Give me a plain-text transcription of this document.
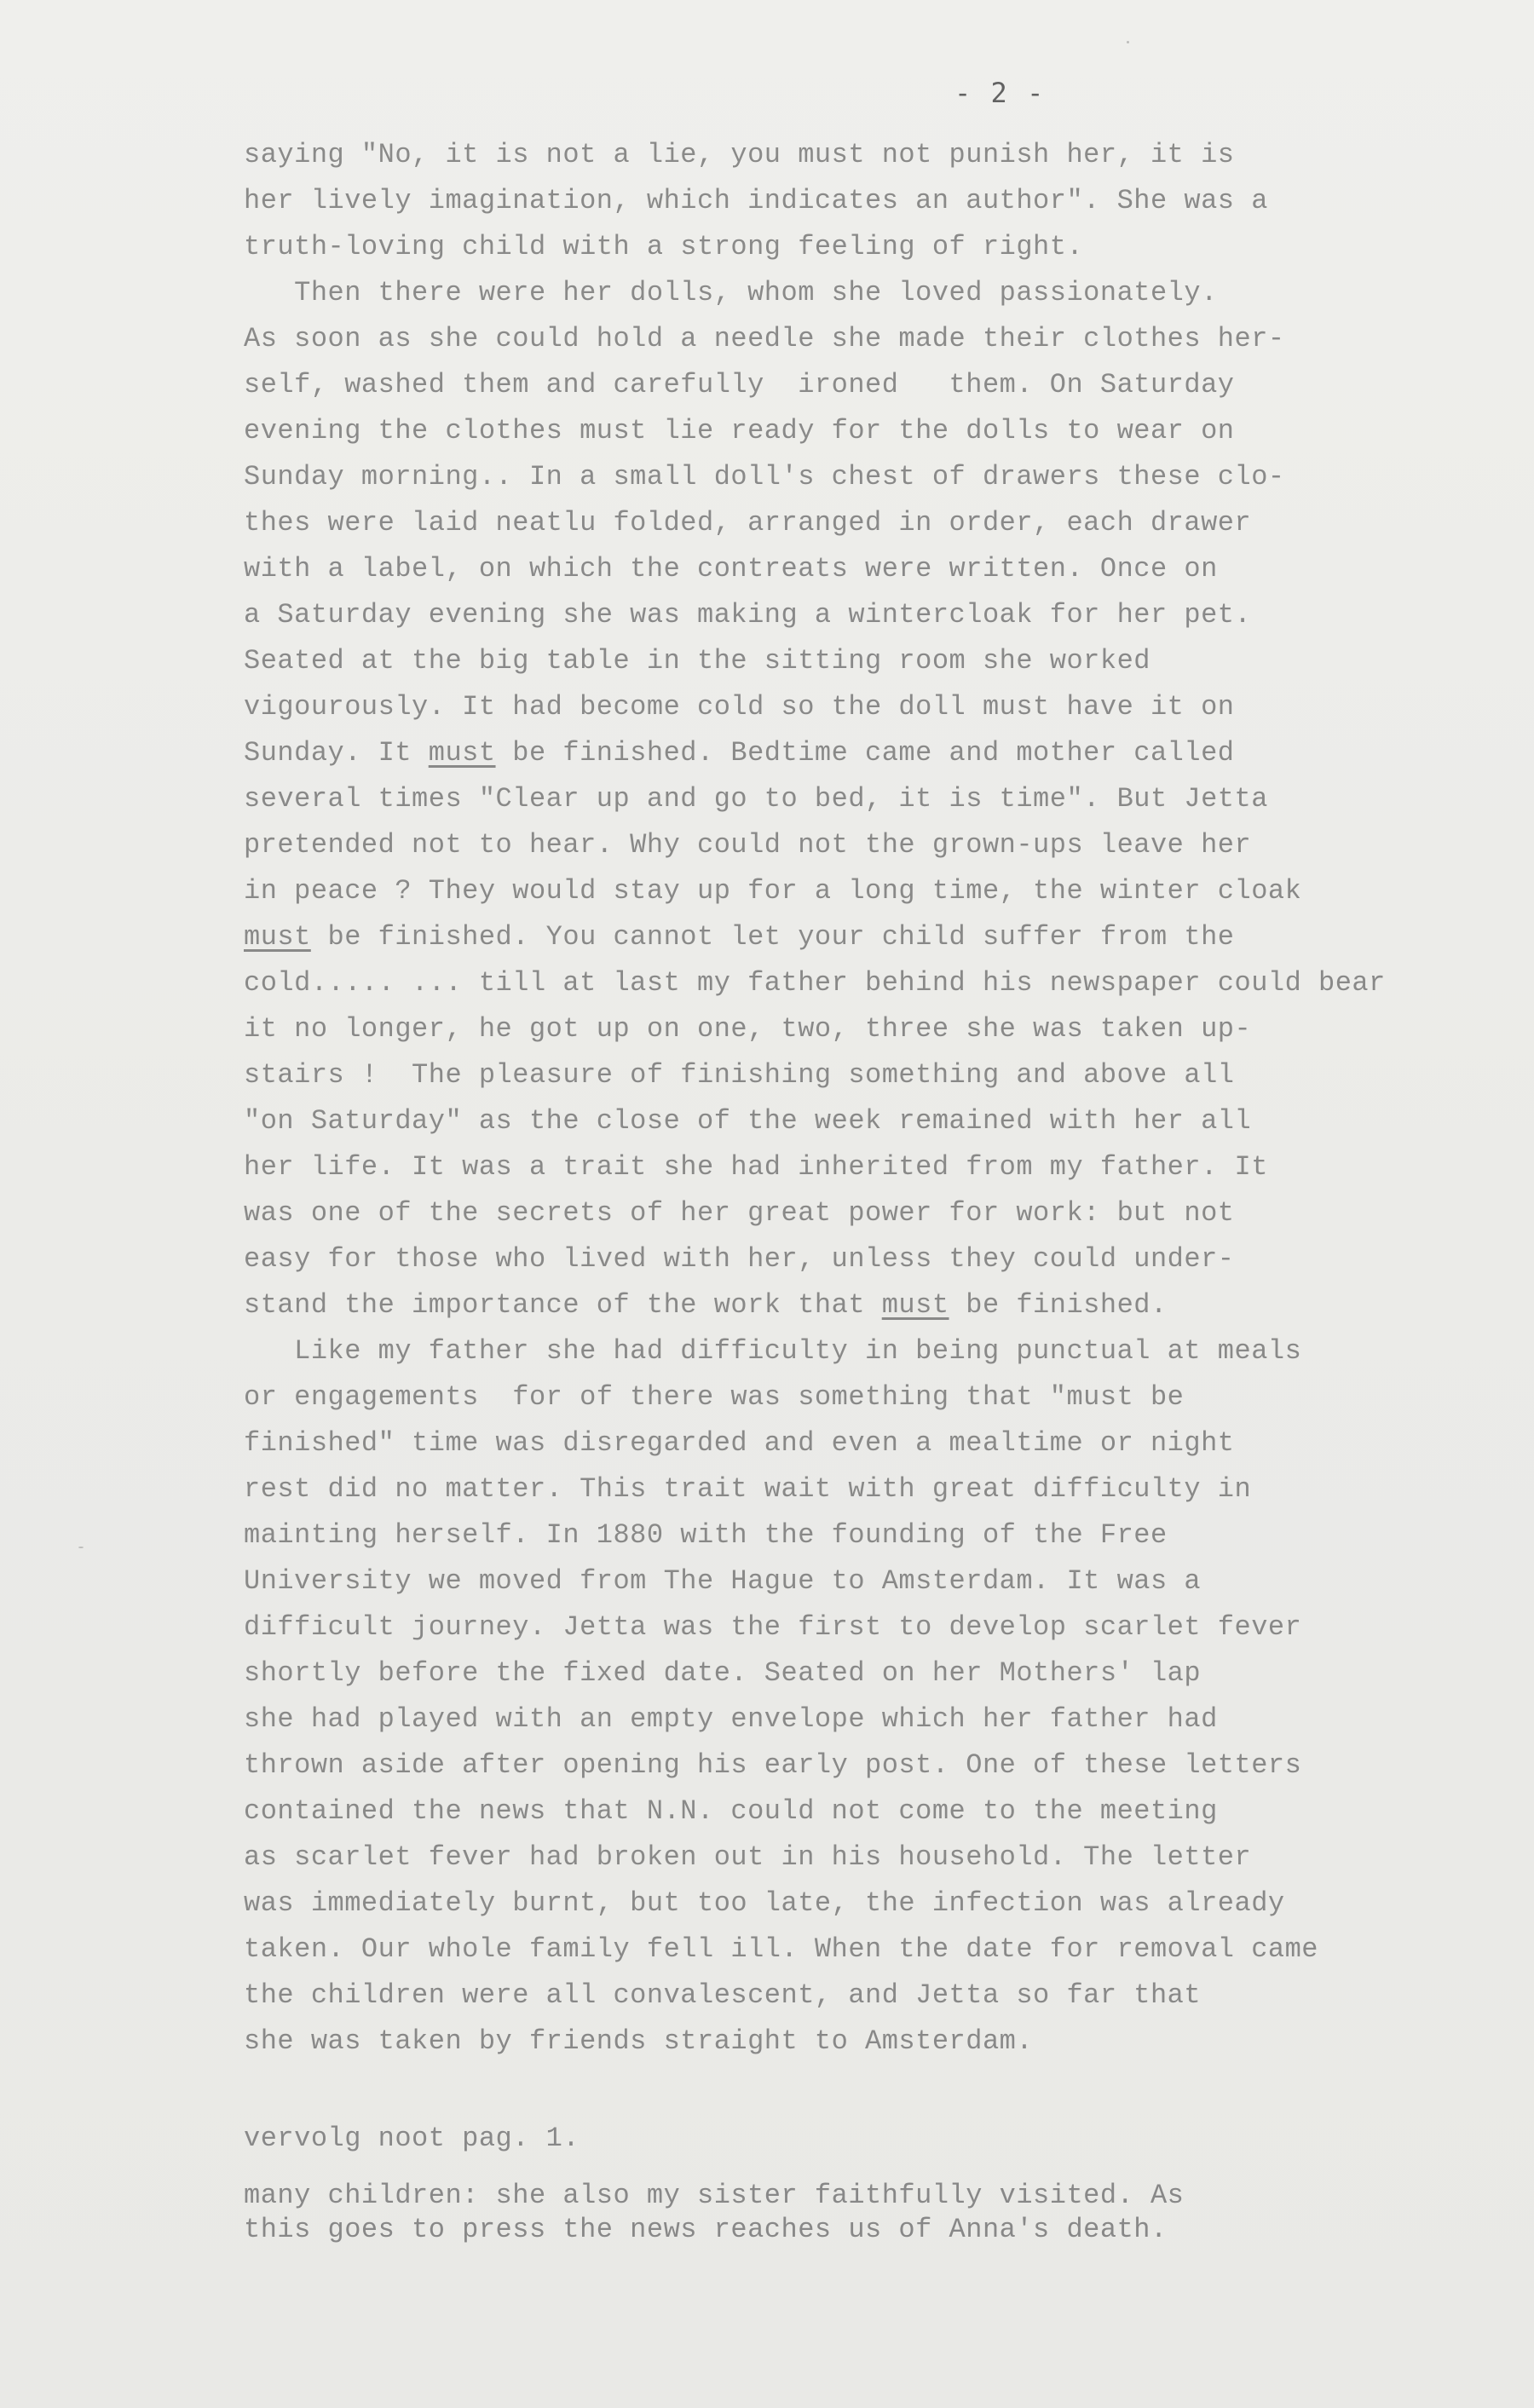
- 2 -
saying "No, it is not a lie, you must not punish her, it is
her lively imagination, which indicates an author". She was a
truth-loving child with a strong feeling of right.
Then there were her dolls, whom she loved passionately.
As soon as she could hold a needle she made their clothes her-
self, washed them and carefully  ironed   them. On Saturday
evening the clothes must lie ready for the dolls to wear on
Sunday morning.. In a small doll's chest of drawers these clo-
thes were laid neatlu folded, arranged in order, each drawer
with a label, on which the contreats were written. Once on
a Saturday evening she was making a wintercloak for her pet.
Seated at the big table in the sitting room she worked
vigourously. It had become cold so the doll must have it on
Sunday. It must be finished. Bedtime came and mother called
several times "Clear up and go to bed, it is time". But Jetta
pretended not to hear. Why could not the grown-ups leave her
in peace ? They would stay up for a long time, the winter cloak
must be finished. You cannot let your child suffer from the
cold..... ... till at last my father behind his newspaper could bear
it no longer, he got up on one, two, three she was taken up-
stairs !  The pleasure of finishing something and above all
"on Saturday" as the close of the week remained with her all
her life. It was a trait she had inherited from my father. It
was one of the secrets of her great power for work: but not
easy for those who lived with her, unless they could under-
stand the importance of the work that must be finished.
Like my father she had difficulty in being punctual at meals
or engagements  for of there was something that "must be
finished" time was disregarded and even a mealtime or night
rest did no matter. This trait wait with great difficulty in
mainting herself. In 1880 with the founding of the Free
University we moved from The Hague to Amsterdam. It was a
difficult journey. Jetta was the first to develop scarlet fever
shortly before the fixed date. Seated on her Mothers' lap
she had played with an empty envelope which her father had
thrown aside after opening his early post. One of these letters
contained the news that N.N. could not come to the meeting
as scarlet fever had broken out in his household. The letter
was immediately burnt, but too late, the infection was already
taken. Our whole family fell ill. When the date for removal came
the children were all convalescent, and Jetta so far that
she was taken by friends straight to Amsterdam.
vervolg noot pag. 1.
many children: she also my sister faithfully visited. As
this goes to press the news reaches us of Anna's death.
